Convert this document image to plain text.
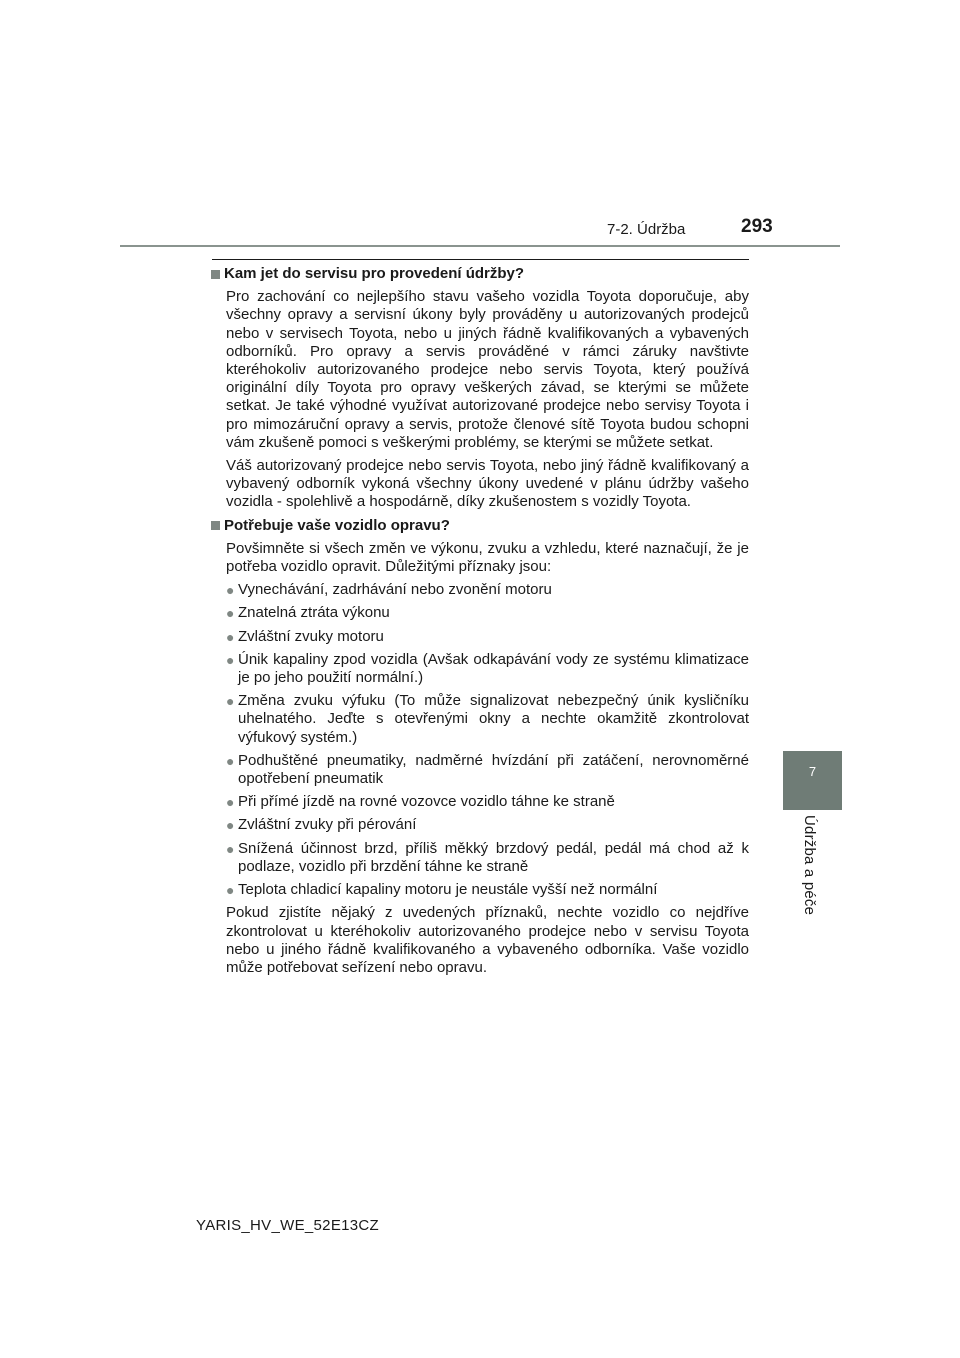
7-2. Údržba	293
7
Údržba a péče
Kam jet do servisu pro provedení údržby?

Pro zachování co nejlepšího stavu vašeho vozidla Toyota doporučuje, aby všechny opravy a servisní úkony byly prováděny u autorizovaných prodejců nebo v servisech Toyota, nebo u jiných řádně kvalifikovaných a vybavených odborníků. Pro opravy a servis prováděné v rámci záruky navštivte kteréhokoliv autorizovaného prodejce nebo servis Toyota, který používá originální díly Toyota pro opravy veškerých závad, se kterými se můžete setkat. Je také výhodné využívat autorizované prodejce nebo servisy Toyota i pro mimozáruční opravy a servis, protože členové sítě Toyota budou schopni vám zkušeně pomoci s veškerými problémy, se kterými se můžete setkat.

Váš autorizovaný prodejce nebo servis Toyota, nebo jiný řádně kvalifikovaný a vybavený odborník vykoná všechny úkony uvedené v plánu údržby vašeho vozidla - spolehlivě a hospodárně, díky zkušenostem s vozidly Toyota.

Potřebuje vaše vozidlo opravu?

Povšimněte si všech změn ve výkonu, zvuku a vzhledu, které naznačují, že je potřeba vozidlo opravit. Důležitými příznaky jsou:

● Vynechávání, zadrhávání nebo zvonění motoru
● Znatelná ztráta výkonu
● Zvláštní zvuky motoru
● Únik kapaliny zpod vozidla (Avšak odkapávání vody ze systému klimatizace je po jeho použití normální.)
● Změna zvuku výfuku (To může signalizovat nebezpečný únik kysličníku uhelnatého. Jeďte s otevřenými okny a nechte okamžitě zkontrolovat výfukový systém.)
● Podhuštěné pneumatiky, nadměrné hvízdání při zatáčení, nerovnoměrné opotřebení pneumatik
● Při přímé jízdě na rovné vozovce vozidlo táhne ke straně
● Zvláštní zvuky při pérování
● Snížená účinnost brzd, příliš měkký brzdový pedál, pedál má chod až k podlaze, vozidlo při brzdění táhne ke straně
● Teplota chladicí kapaliny motoru je neustále vyšší než normální

Pokud zjistíte nějaký z uvedených příznaků, nechte vozidlo co nejdříve zkontrolovat u kteréhokoliv autorizovaného prodejce nebo v servisu Toyota nebo u jiného řádně kvalifikovaného a vybaveného odborníka. Vaše vozidlo může potřebovat seřízení nebo opravu.

YARIS_HV_WE_52E13CZ
